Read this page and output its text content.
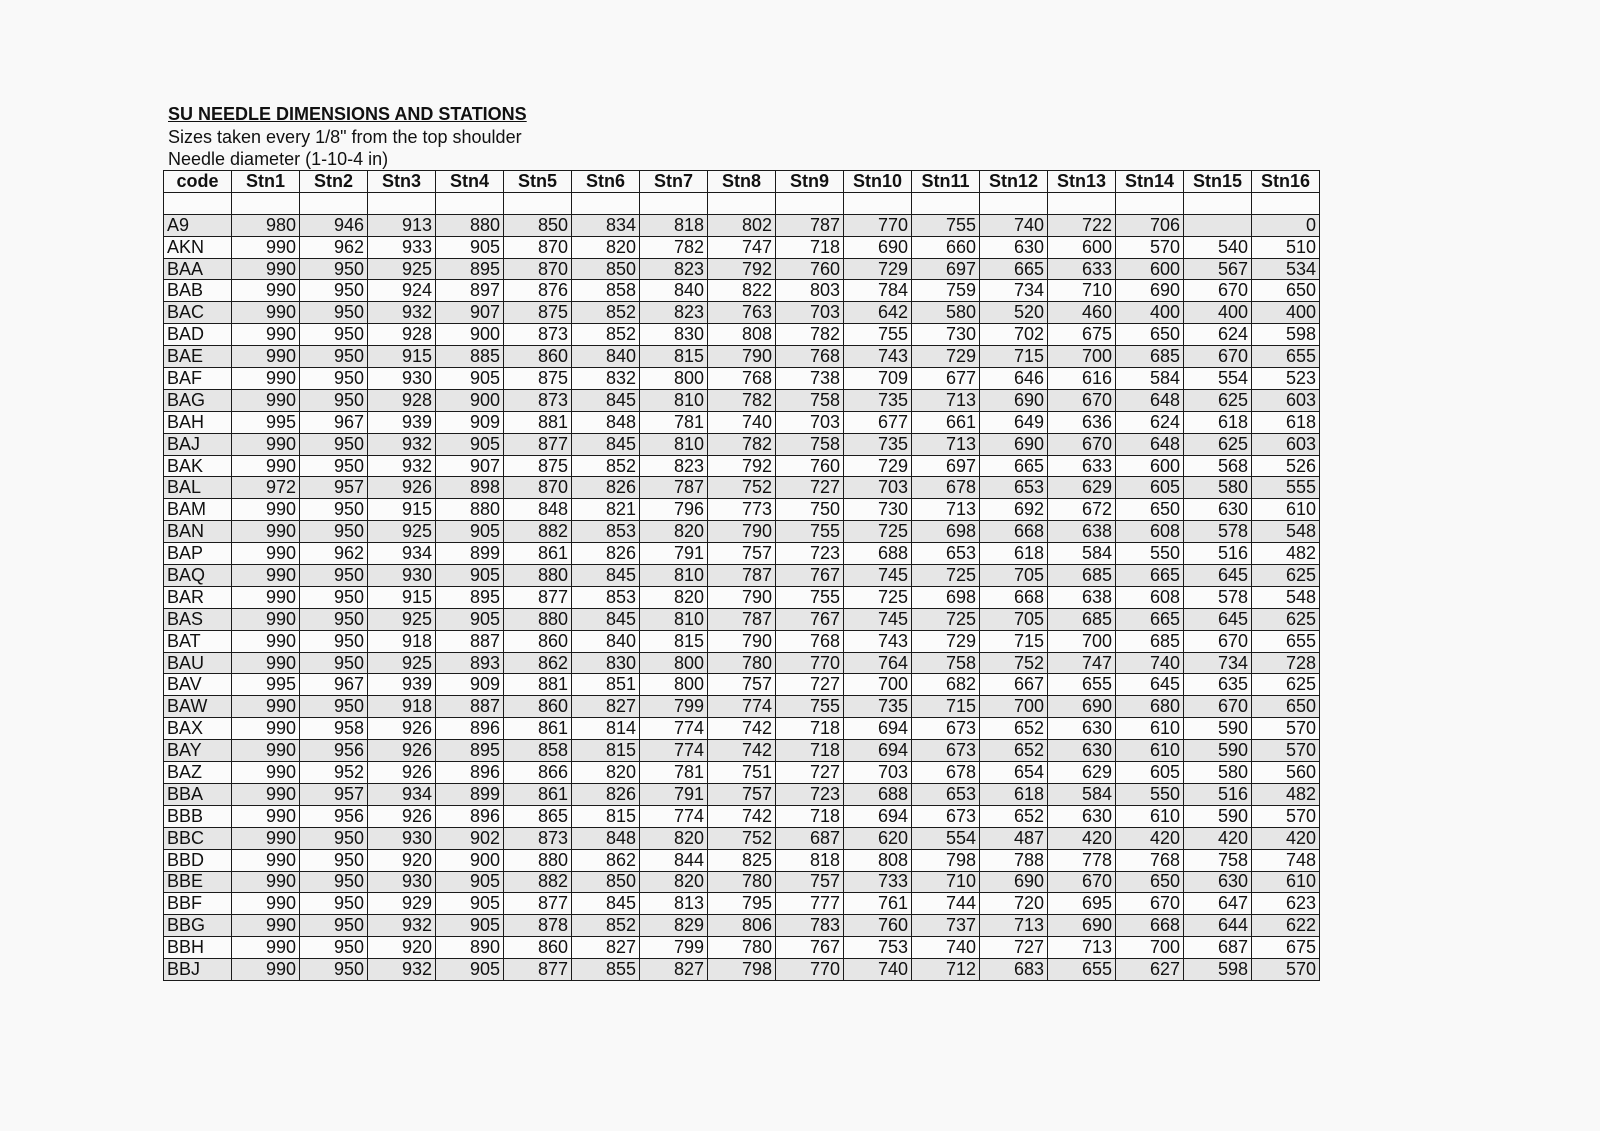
SU NEEDLE DIMENSIONS AND STATIONS
Sizes taken every 1/8" from the top shoulder
Needle diameter (1-10-4 in)
code	Stn1	Stn2	Stn3	Stn4	Stn5	Stn6	Stn7	Stn8	Stn9	Stn10	Stn11	Stn12	Stn13	Stn14	Stn15	Stn16

A9	980	946	913	880	850	834	818	802	787	770	755	740	722	706		0
AKN	990	962	933	905	870	820	782	747	718	690	660	630	600	570	540	510
BAA	990	950	925	895	870	850	823	792	760	729	697	665	633	600	567	534
BAB	990	950	924	897	876	858	840	822	803	784	759	734	710	690	670	650
BAC	990	950	932	907	875	852	823	763	703	642	580	520	460	400	400	400
BAD	990	950	928	900	873	852	830	808	782	755	730	702	675	650	624	598
BAE	990	950	915	885	860	840	815	790	768	743	729	715	700	685	670	655
BAF	990	950	930	905	875	832	800	768	738	709	677	646	616	584	554	523
BAG	990	950	928	900	873	845	810	782	758	735	713	690	670	648	625	603
BAH	995	967	939	909	881	848	781	740	703	677	661	649	636	624	618	618
BAJ	990	950	932	905	877	845	810	782	758	735	713	690	670	648	625	603
BAK	990	950	932	907	875	852	823	792	760	729	697	665	633	600	568	526
BAL	972	957	926	898	870	826	787	752	727	703	678	653	629	605	580	555
BAM	990	950	915	880	848	821	796	773	750	730	713	692	672	650	630	610
BAN	990	950	925	905	882	853	820	790	755	725	698	668	638	608	578	548
BAP	990	962	934	899	861	826	791	757	723	688	653	618	584	550	516	482
BAQ	990	950	930	905	880	845	810	787	767	745	725	705	685	665	645	625
BAR	990	950	915	895	877	853	820	790	755	725	698	668	638	608	578	548
BAS	990	950	925	905	880	845	810	787	767	745	725	705	685	665	645	625
BAT	990	950	918	887	860	840	815	790	768	743	729	715	700	685	670	655
BAU	990	950	925	893	862	830	800	780	770	764	758	752	747	740	734	728
BAV	995	967	939	909	881	851	800	757	727	700	682	667	655	645	635	625
BAW	990	950	918	887	860	827	799	774	755	735	715	700	690	680	670	650
BAX	990	958	926	896	861	814	774	742	718	694	673	652	630	610	590	570
BAY	990	956	926	895	858	815	774	742	718	694	673	652	630	610	590	570
BAZ	990	952	926	896	866	820	781	751	727	703	678	654	629	605	580	560
BBA	990	957	934	899	861	826	791	757	723	688	653	618	584	550	516	482
BBB	990	956	926	896	865	815	774	742	718	694	673	652	630	610	590	570
BBC	990	950	930	902	873	848	820	752	687	620	554	487	420	420	420	420
BBD	990	950	920	900	880	862	844	825	818	808	798	788	778	768	758	748
BBE	990	950	930	905	882	850	820	780	757	733	710	690	670	650	630	610
BBF	990	950	929	905	877	845	813	795	777	761	744	720	695	670	647	623
BBG	990	950	932	905	878	852	829	806	783	760	737	713	690	668	644	622
BBH	990	950	920	890	860	827	799	780	767	753	740	727	713	700	687	675
BBJ	990	950	932	905	877	855	827	798	770	740	712	683	655	627	598	570
